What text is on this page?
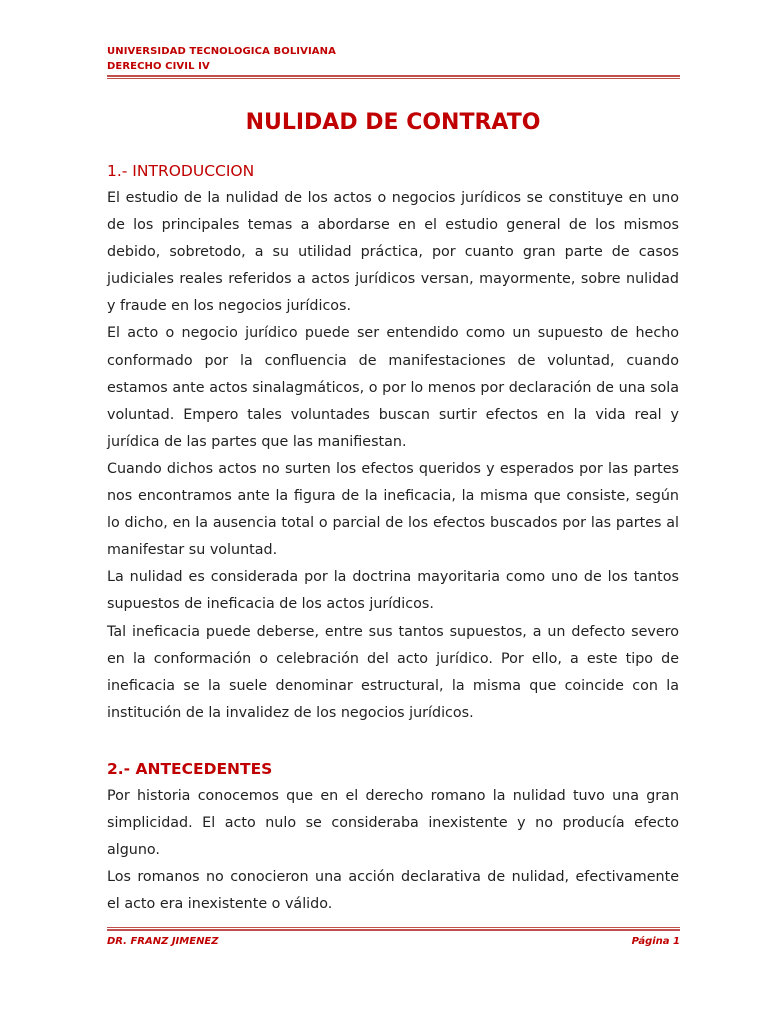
UNIVERSIDAD TECNOLOGICA BOLIVIANA
DERECHO CIVIL IV
NULIDAD DE CONTRATO
1.- INTRODUCCION

El estudio de la nulidad de los actos o negocios jurídicos se constituye en uno de los principales temas a abordarse en el estudio general de los mismos debido, sobretodo, a su utilidad práctica, por cuanto gran parte de casos judiciales reales referidos a actos jurídicos versan, mayormente, sobre nulidad y fraude en los negocios jurídicos.

El acto o negocio jurídico puede ser entendido como un supuesto de hecho conformado por la confluencia de manifestaciones de voluntad, cuando estamos ante actos sinalagmáticos, o por lo menos por declaración de una sola voluntad. Empero tales voluntades buscan surtir efectos en la vida real y jurídica de las partes que las manifiestan.

Cuando dichos actos no surten los efectos queridos y esperados por las partes nos encontramos ante la figura de la ineficacia, la misma que consiste, según lo dicho, en la ausencia total o parcial de los efectos buscados por las partes al manifestar su voluntad.

La nulidad es considerada por la doctrina mayoritaria como uno de los tantos supuestos de ineficacia de los actos jurídicos.

Tal ineficacia puede deberse, entre sus tantos supuestos, a un defecto severo en la conformación o celebración del acto jurídico. Por ello, a este tipo de ineficacia se la suele denominar estructural, la misma que coincide con la institución de la invalidez de los negocios jurídicos.

2.- ANTECEDENTES

Por historia conocemos que en el derecho romano la nulidad tuvo una gran simplicidad. El acto nulo se consideraba inexistente y no producía efecto alguno.

Los romanos no conocieron una acción declarativa de nulidad, efectivamente el acto era inexistente o válido.

DR. FRANZ JIMENEZ	Página 1
